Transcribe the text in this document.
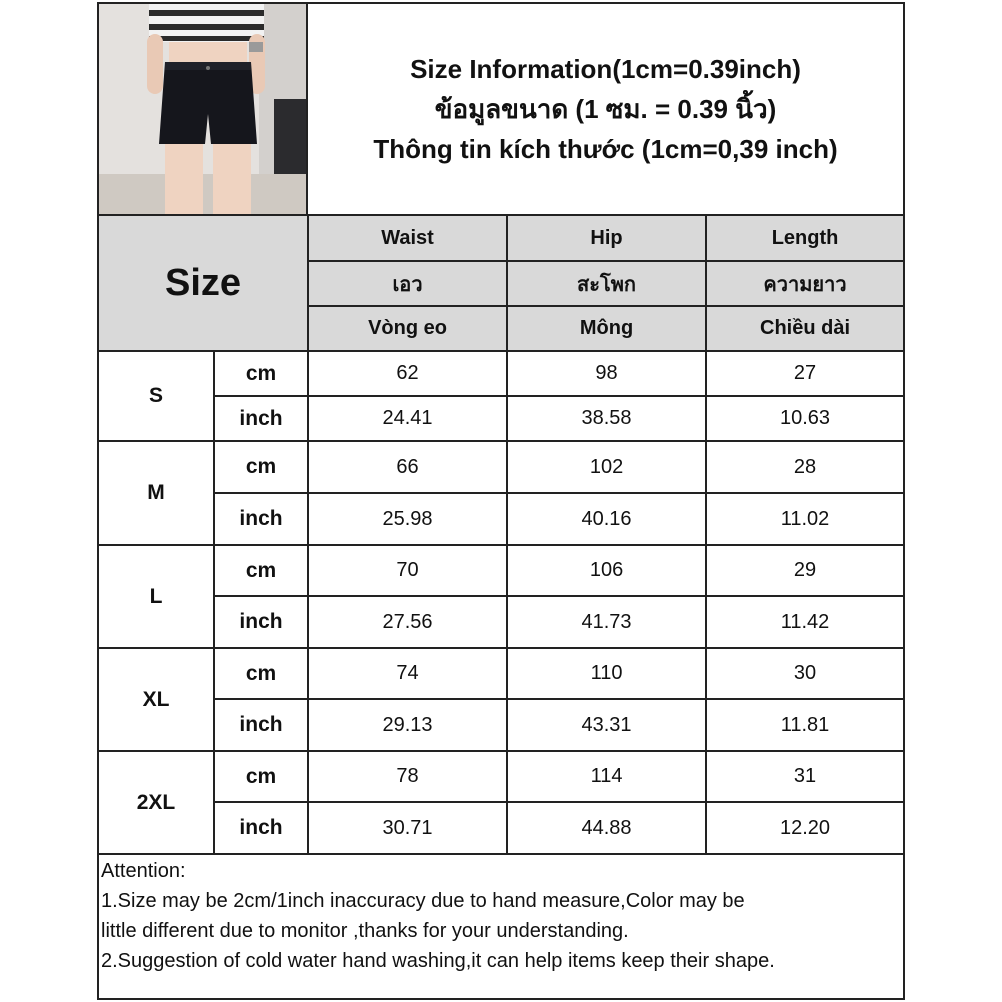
Size Information(1cm=0.39inch)
ข้อมูลขนาด (1 ซม. = 0.39 นิ้ว)
Thông tin kích thước (1cm=0,39 inch)
Size		Waist	Hip	Length
		เอว	สะโพก	ความยาว
		Vòng eo	Mông	Chiều dài
S	cm	62	98	27
	inch	24.41	38.58	10.63
M	cm	66	102	28
	inch	25.98	40.16	11.02
L	cm	70	106	29
	inch	27.56	41.73	11.42
XL	cm	74	110	30
	inch	29.13	43.31	11.81
2XL	cm	78	114	31
	inch	30.71	44.88	12.20
Attention:
1.Size may be 2cm/1inch inaccuracy due to hand measure,Color may be
little different due to monitor ,thanks for your understanding.
2.Suggestion of cold water hand washing,it can help items keep their shape.
